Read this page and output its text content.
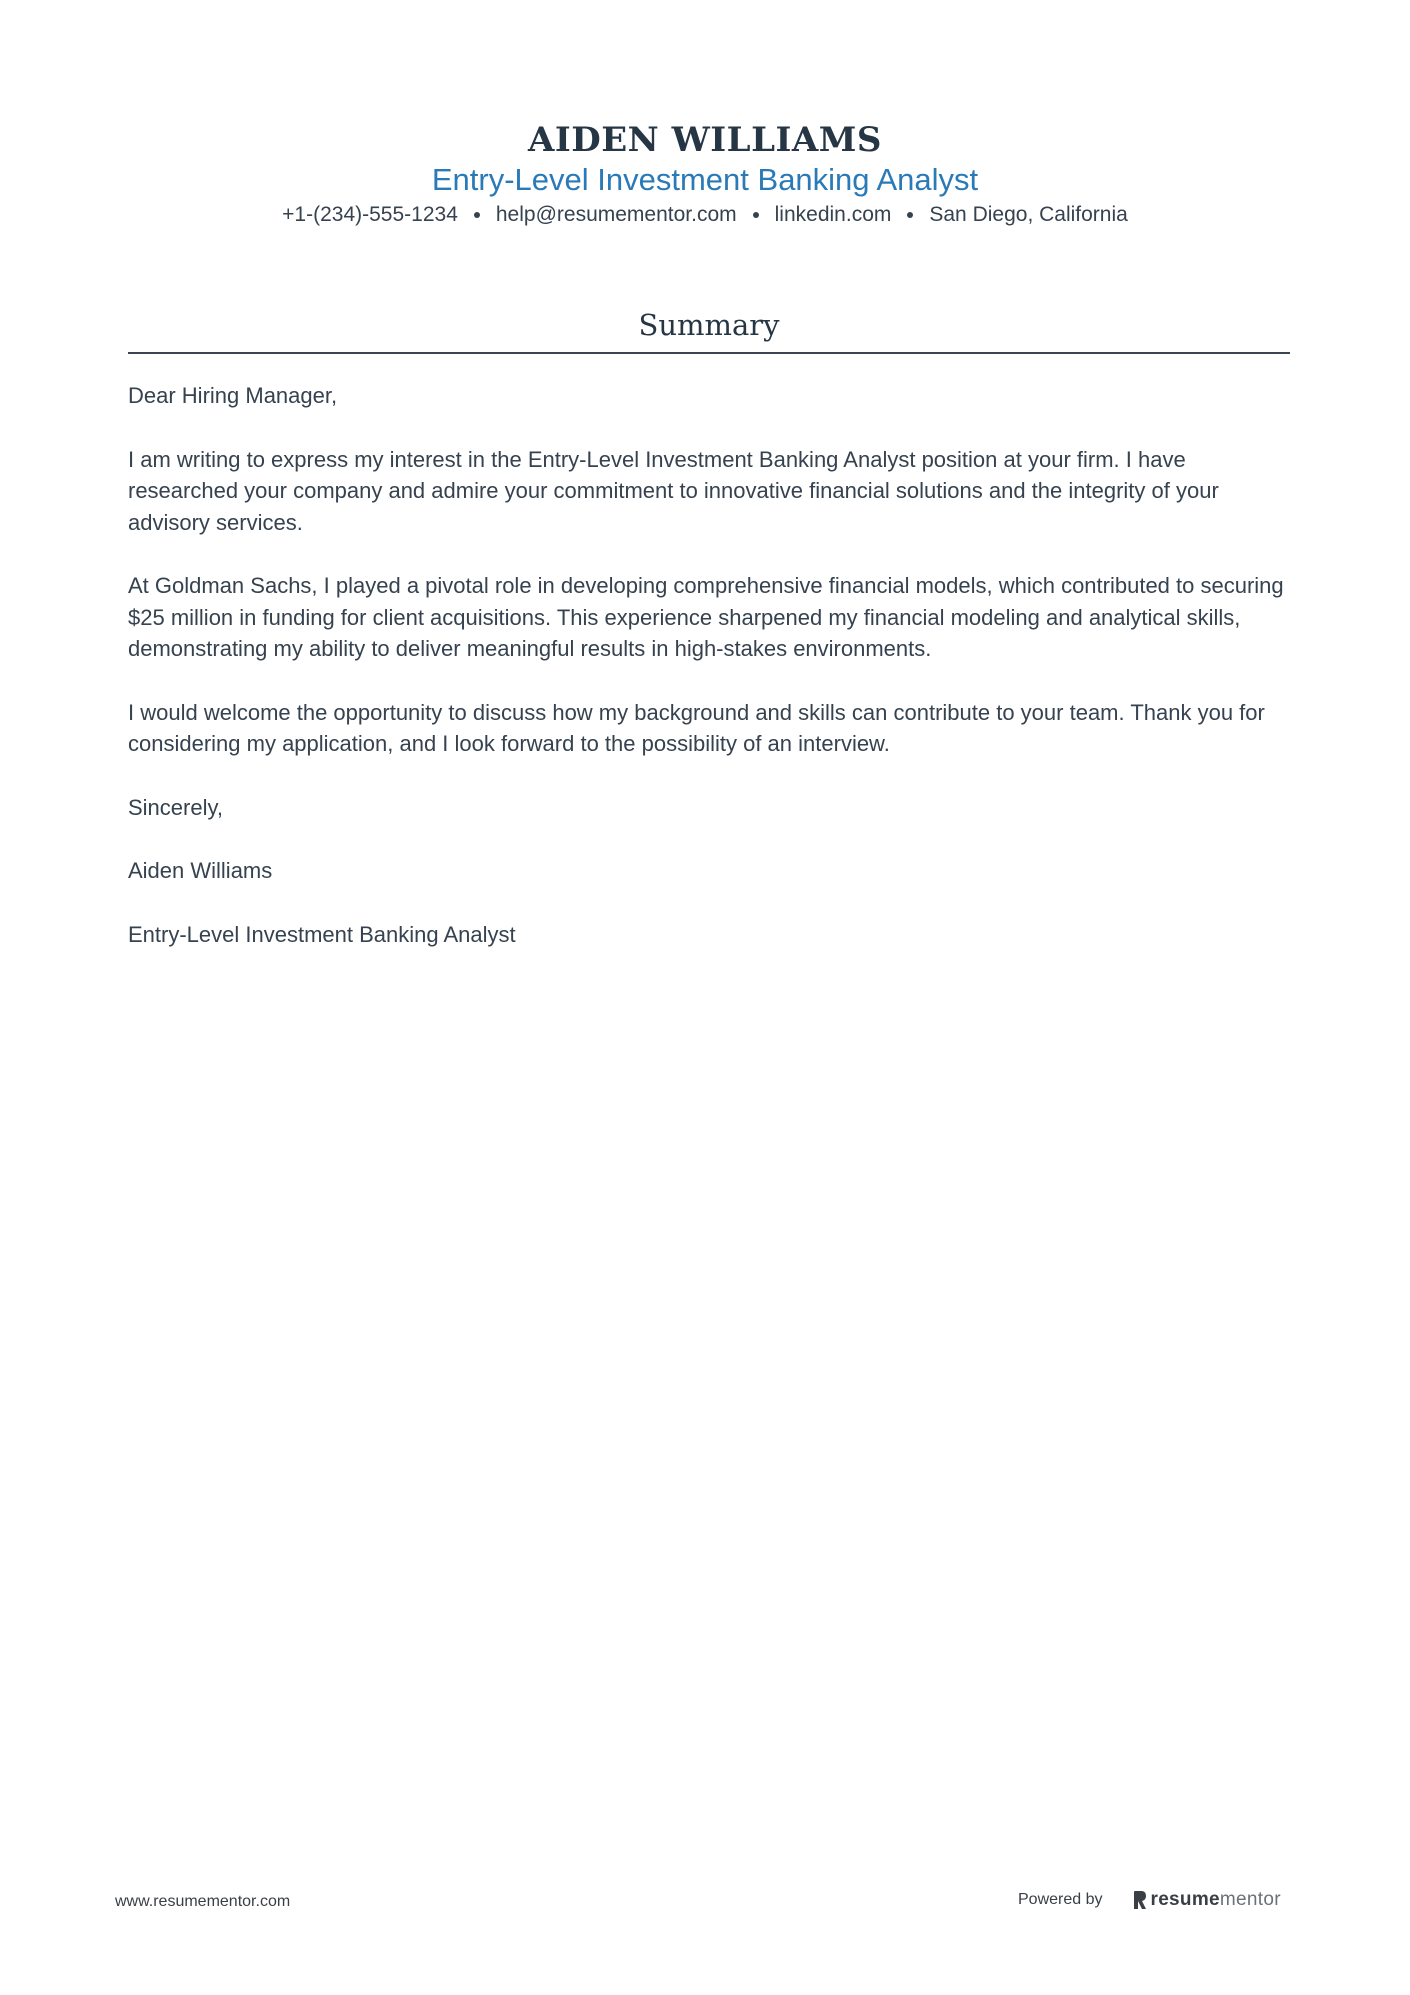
AIDEN WILLIAMS
Entry-Level Investment Banking Analyst
+1-(234)-555-1234 help@resumementor.com linkedin.com San Diego, California
Summary

Dear Hiring Manager,

I am writing to express my interest in the Entry-Level Investment Banking Analyst position at your firm. I have researched your company and admire your commitment to innovative financial solutions and the integrity of your advisory services.

At Goldman Sachs, I played a pivotal role in developing comprehensive financial models, which contributed to securing $25 million in funding for client acquisitions. This experience sharpened my financial modeling and analytical skills, demonstrating my ability to deliver meaningful results in high-stakes environments.

I would welcome the opportunity to discuss how my background and skills can contribute to your team. Thank you for considering my application, and I look forward to the possibility of an interview.

Sincerely,

Aiden Williams

Entry-Level Investment Banking Analyst

www.resumementor.com	Powered by	resume mentor
